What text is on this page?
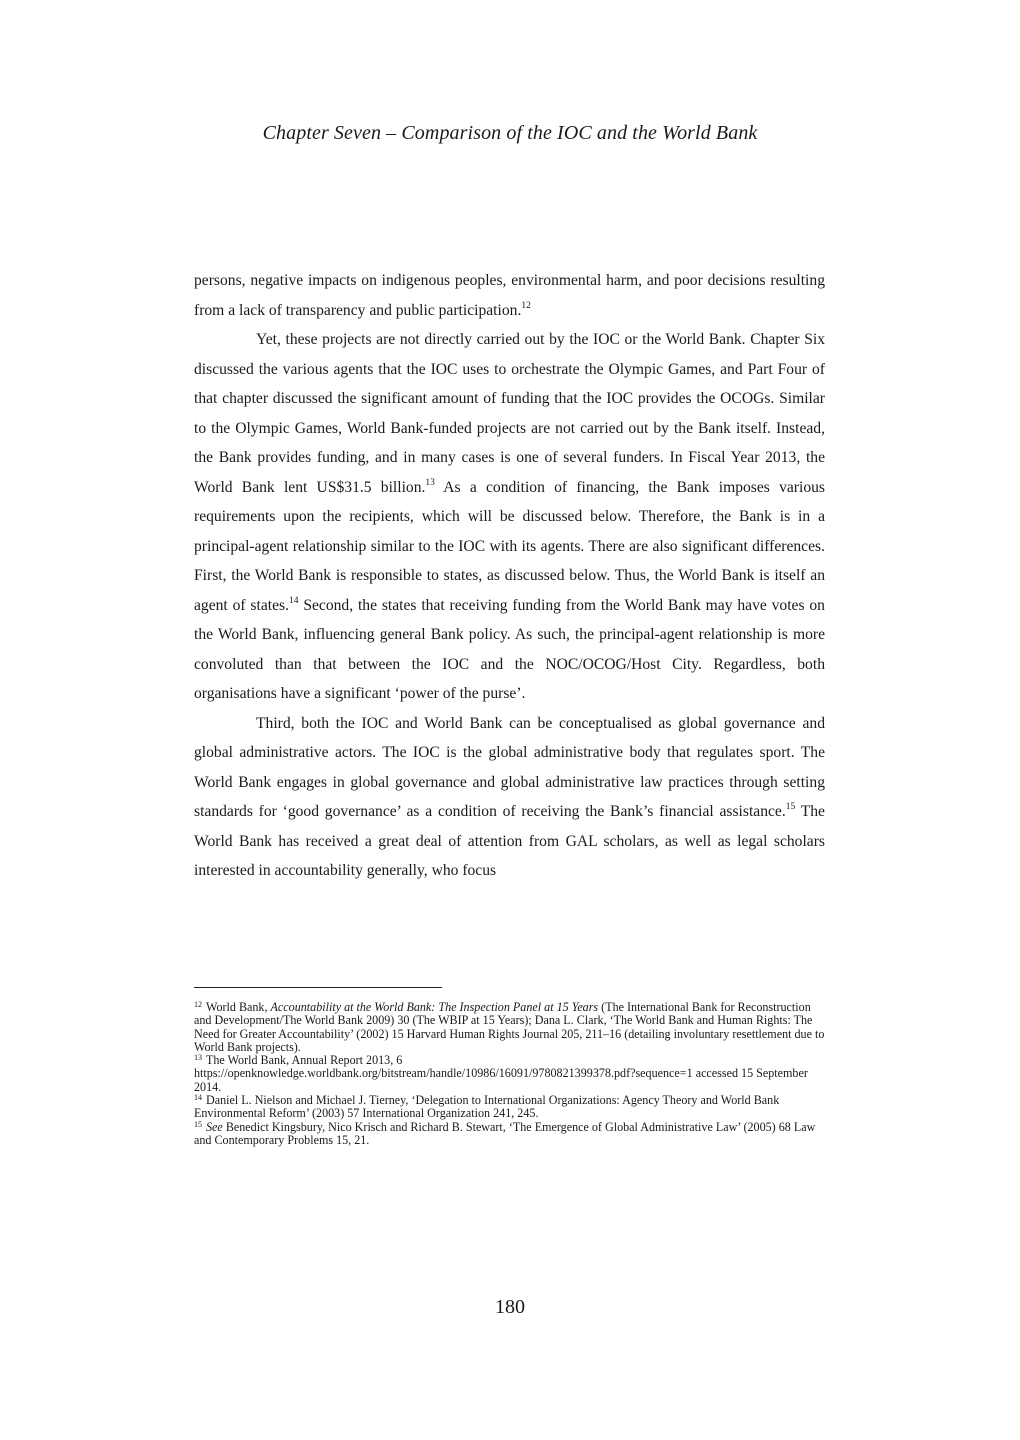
Chapter Seven – Comparison of the IOC and the World Bank

persons, negative impacts on indigenous peoples, environmental harm, and poor decisions resulting from a lack of transparency and public participation.$^{12}$

Yet, these projects are not directly carried out by the IOC or the World Bank. Chapter Six discussed the various agents that the IOC uses to orchestrate the Olympic Games, and Part Four of that chapter discussed the significant amount of funding that the IOC provides the OCOGs. Similar to the Olympic Games, World Bank-funded projects are not carried out by the Bank itself. Instead, the Bank provides funding, and in many cases is one of several funders. In Fiscal Year 2013, the World Bank lent US$31.5 billion.$^{13}$ As a condition of financing, the Bank imposes various requirements upon the recipients, which will be discussed below. Therefore, the Bank is in a principal-agent relationship similar to the IOC with its agents. There are also significant differences. First, the World Bank is responsible to states, as discussed below. Thus, the World Bank is itself an agent of states.$^{14}$ Second, the states that receiving funding from the World Bank may have votes on the World Bank, influencing general Bank policy. As such, the principal-agent relationship is more convoluted than that between the IOC and the NOC/OCOG/Host City. Regardless, both organisations have a significant ‘power of the purse’.

Third, both the IOC and World Bank can be conceptualised as global governance and global administrative actors. The IOC is the global administrative body that regulates sport. The World Bank engages in global governance and global administrative law practices through setting standards for ‘good governance’ as a condition of receiving the Bank’s financial assistance.$^{15}$ The World Bank has received a great deal of attention from GAL scholars, as well as legal scholars interested in accountability generally, who focus

$^{12}$ World Bank, Accountability at the World Bank: The Inspection Panel at 15 Years (The International Bank for Reconstruction and Development/The World Bank 2009) 30 (The WBIP at 15 Years); Dana L. Clark, ‘The World Bank and Human Rights: The Need for Greater Accountability’ (2002) 15 Harvard Human Rights Journal 205, 211–16 (detailing involuntary resettlement due to World Bank projects).

$^{13}$ The World Bank, Annual Report 2013, 6
https://openknowledge.worldbank.org/bitstream/handle/10986/16091/9780821399378.pdf?sequence=1 accessed 15 September 2014.

$^{14}$ Daniel L. Nielson and Michael J. Tierney, ‘Delegation to International Organizations: Agency Theory and World Bank Environmental Reform’ (2003) 57 International Organization 241, 245.

$^{15}$ See Benedict Kingsbury, Nico Krisch and Richard B. Stewart, ‘The Emergence of Global Administrative Law’ (2005) 68 Law and Contemporary Problems 15, 21.

180
